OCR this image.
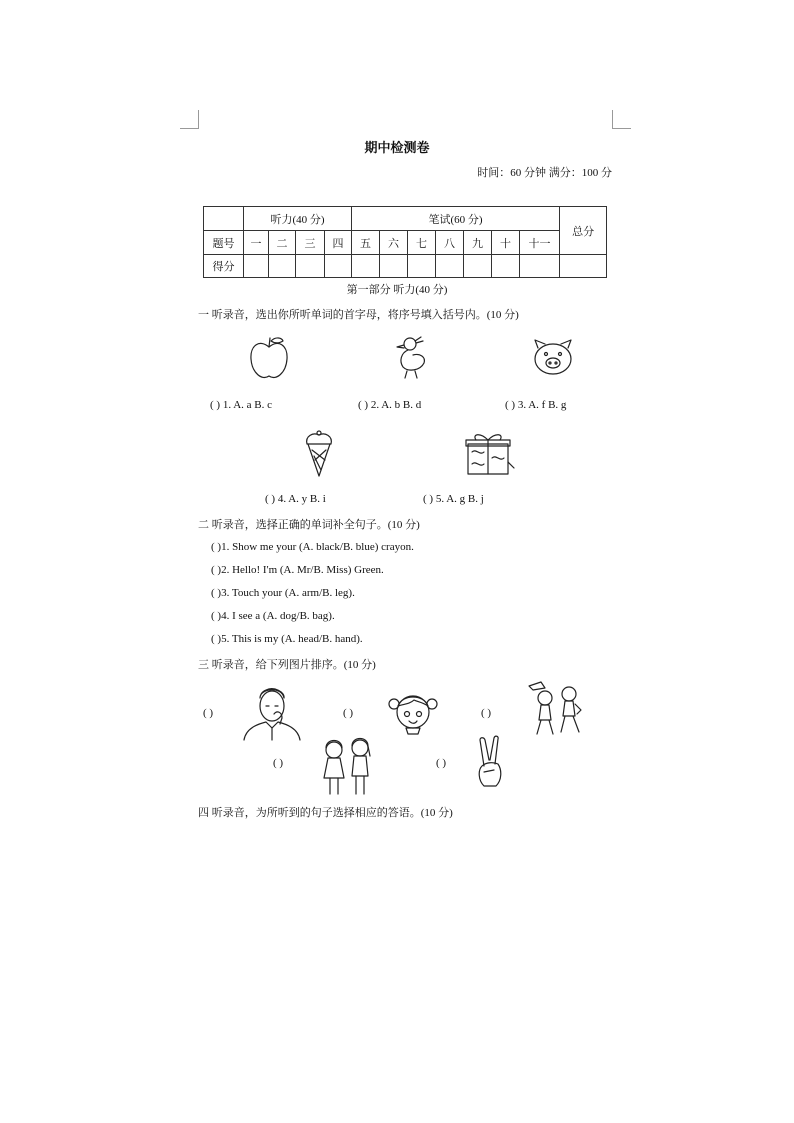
期中检测卷
时间：60 分钟 满分：100 分
	听力(40 分)				笔试(60 分)							总分
题号	一	二	三	四	五	六	七	八	九	十	十一	
得分												
第一部分 听力(40 分)
一 听录音，选出你所听单词的首字母，将序号填入括号内。(10 分)
( ) 1. A. a B. c	( ) 2. A. b B. d	( ) 3. A. f B. g
( ) 4. A. y B. i	( ) 5. A. g B. j
二 听录音，选择正确的单词补全句子。(10 分)
( )1. Show me your (A. black/B. blue) crayon.
( )2. Hello! I'm (A. Mr/B. Miss) Green.
( )3. Touch your (A. arm/B. leg).
( )4. I see a (A. dog/B. bag).
( )5. This is my (A. head/B. hand).
三 听录音，给下列图片排序。(10 分)
( )	( )	( )
( )	( )
四 听录音，为所听到的句子选择相应的答语。(10 分)
